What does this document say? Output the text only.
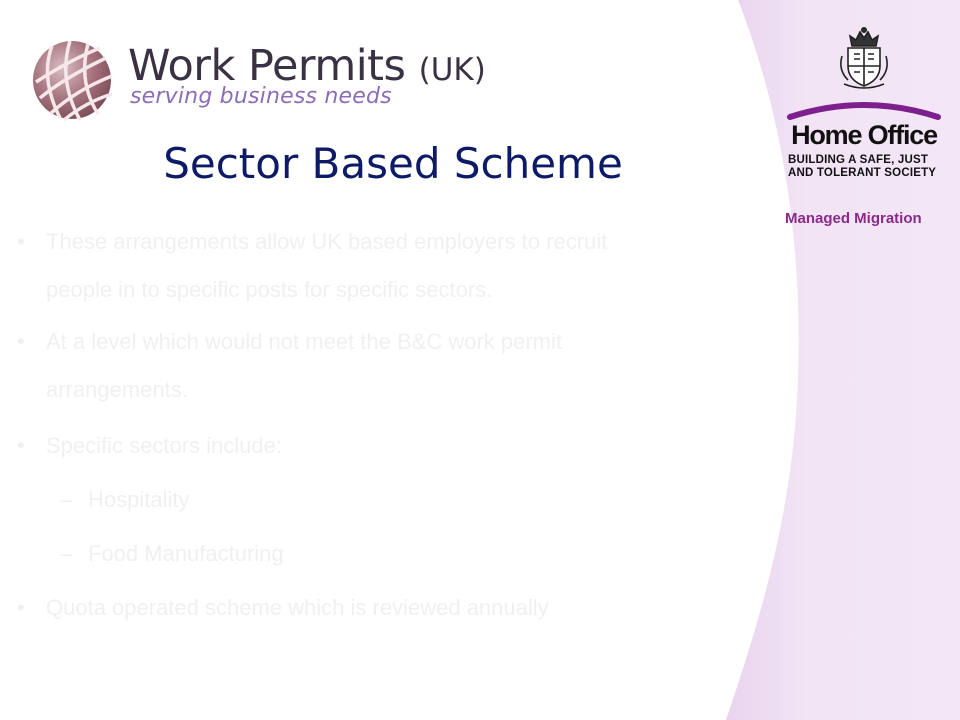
Work Permits (UK)

serving business needs

Sector Based Scheme

Home Office

BUILDING A SAFE, JUST
AND TOLERANT SOCIETY

Managed Migration

• These arrangements allow UK based employers to recruit
people in to specific posts for specific sectors.
• At a level which would not meet the B&C work permit
arrangements.
• Specific sectors include:
– Hospitality
– Food Manufacturing
• Quota operated scheme which is reviewed annually
